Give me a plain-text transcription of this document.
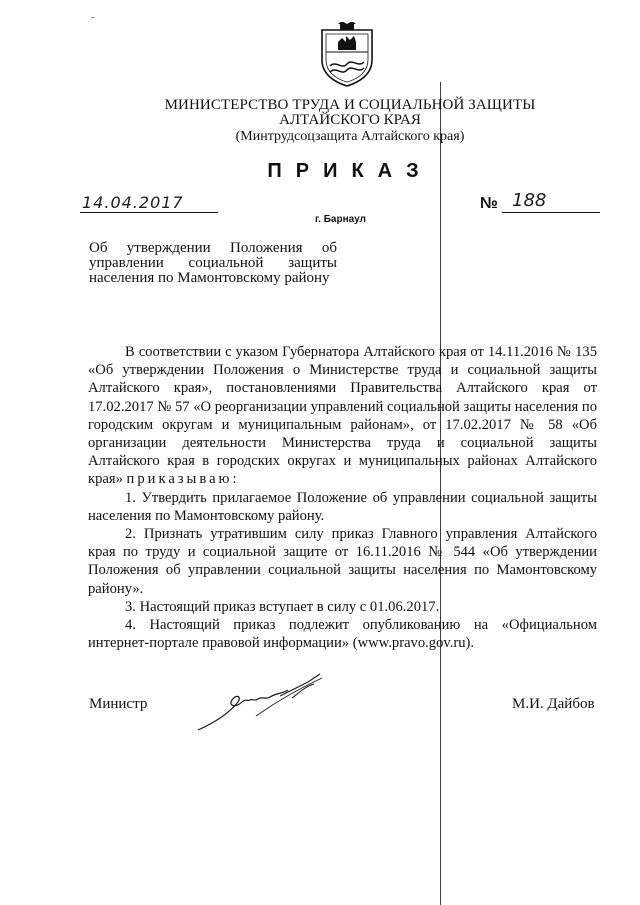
-
МИНИСТЕРСТВО ТРУДА И СОЦИАЛЬНОЙ ЗАЩИТЫ
АЛТАЙСКОГО КРАЯ
(Минтрудсоцзащита Алтайского края)
ПРИКАЗ
14.04.2017	№ 188
г. Барнаул
Об утверждении Положения об
управлении социальной защиты
населения по Мамонтовскому району

В соответствии с указом Губернатора Алтайского края от 14.11.2016 № 135 «Об утверждении Положения о Министерстве труда и социальной защиты Алтайского края», постановлениями Правительства Алтайского края от 17.02.2017 № 57 «О реорганизации управлений социальной защиты населения по городским округам и муниципальным районам», от 17.02.2017 № 58 «Об организации деятельности Министерства труда и социальной защиты Алтайского края в городских округах и муниципальных районах Алтайского края» приказываю:

1. Утвердить прилагаемое Положение об управлении социальной защиты населения по Мамонтовскому району.

2. Признать утратившим силу приказ Главного управления Алтайского края по труду и социальной защите от 16.11.2016 № 544 «Об утверждении Положения об управлении социальной защиты населения по Мамонтовскому району».

3. Настоящий приказ вступает в силу с 01.06.2017.

4. Настоящий приказ подлежит опубликованию на «Официальном интернет-портале правовой информации» (www.pravo.gov.ru).

Министр	М.И. Дайбов
